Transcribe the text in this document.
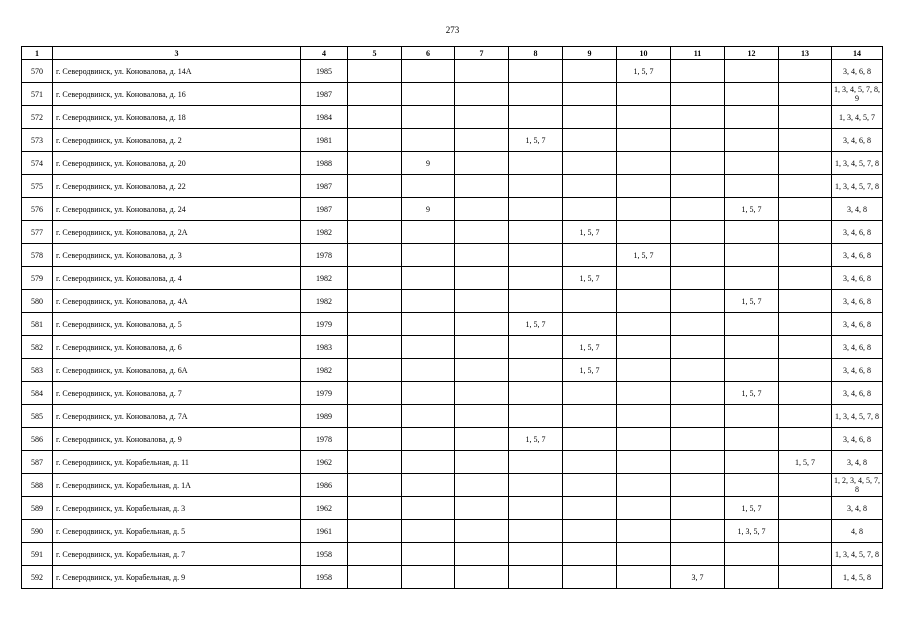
273
1	3	4	5	6	7	8	9	10	11	12	13	14
570	г. Северодвинск, ул. Коновалова, д. 14А	1985						1, 5, 7				3, 4, 6, 8
571	г. Северодвинск, ул. Коновалова, д. 16	1987										1, 3, 4, 5, 7, 8, 9
572	г. Северодвинск, ул. Коновалова, д. 18	1984										1, 3, 4, 5, 7
573	г. Северодвинск, ул. Коновалова, д. 2	1981				1, 5, 7						3, 4, 6, 8
574	г. Северодвинск, ул. Коновалова, д. 20	1988		9								1, 3, 4, 5, 7, 8
575	г. Северодвинск, ул. Коновалова, д. 22	1987										1, 3, 4, 5, 7, 8
576	г. Северодвинск, ул. Коновалова, д. 24	1987		9						1, 5, 7		3, 4, 8
577	г. Северодвинск, ул. Коновалова, д. 2А	1982					1, 5, 7					3, 4, 6, 8
578	г. Северодвинск, ул. Коновалова, д. 3	1978						1, 5, 7				3, 4, 6, 8
579	г. Северодвинск, ул. Коновалова, д. 4	1982					1, 5, 7					3, 4, 6, 8
580	г. Северодвинск, ул. Коновалова, д. 4А	1982								1, 5, 7		3, 4, 6, 8
581	г. Северодвинск, ул. Коновалова, д. 5	1979				1, 5, 7						3, 4, 6, 8
582	г. Северодвинск, ул. Коновалова, д. 6	1983					1, 5, 7					3, 4, 6, 8
583	г. Северодвинск, ул. Коновалова, д. 6А	1982					1, 5, 7					3, 4, 6, 8
584	г. Северодвинск, ул. Коновалова, д. 7	1979								1, 5, 7		3, 4, 6, 8
585	г. Северодвинск, ул. Коновалова, д. 7А	1989										1, 3, 4, 5, 7, 8
586	г. Северодвинск, ул. Коновалова, д. 9	1978				1, 5, 7						3, 4, 6, 8
587	г. Северодвинск, ул. Корабельная, д. 11	1962									1, 5, 7	3, 4, 8
588	г. Северодвинск, ул. Корабельная, д. 1А	1986										1, 2, 3, 4, 5, 7, 8
589	г. Северодвинск, ул. Корабельная, д. 3	1962								1, 5, 7		3, 4, 8
590	г. Северодвинск, ул. Корабельная, д. 5	1961								1, 3, 5, 7		4, 8
591	г. Северодвинск, ул. Корабельная, д. 7	1958										1, 3, 4, 5, 7, 8
592	г. Северодвинск, ул. Корабельная, д. 9	1958							3, 7			1, 4, 5, 8
